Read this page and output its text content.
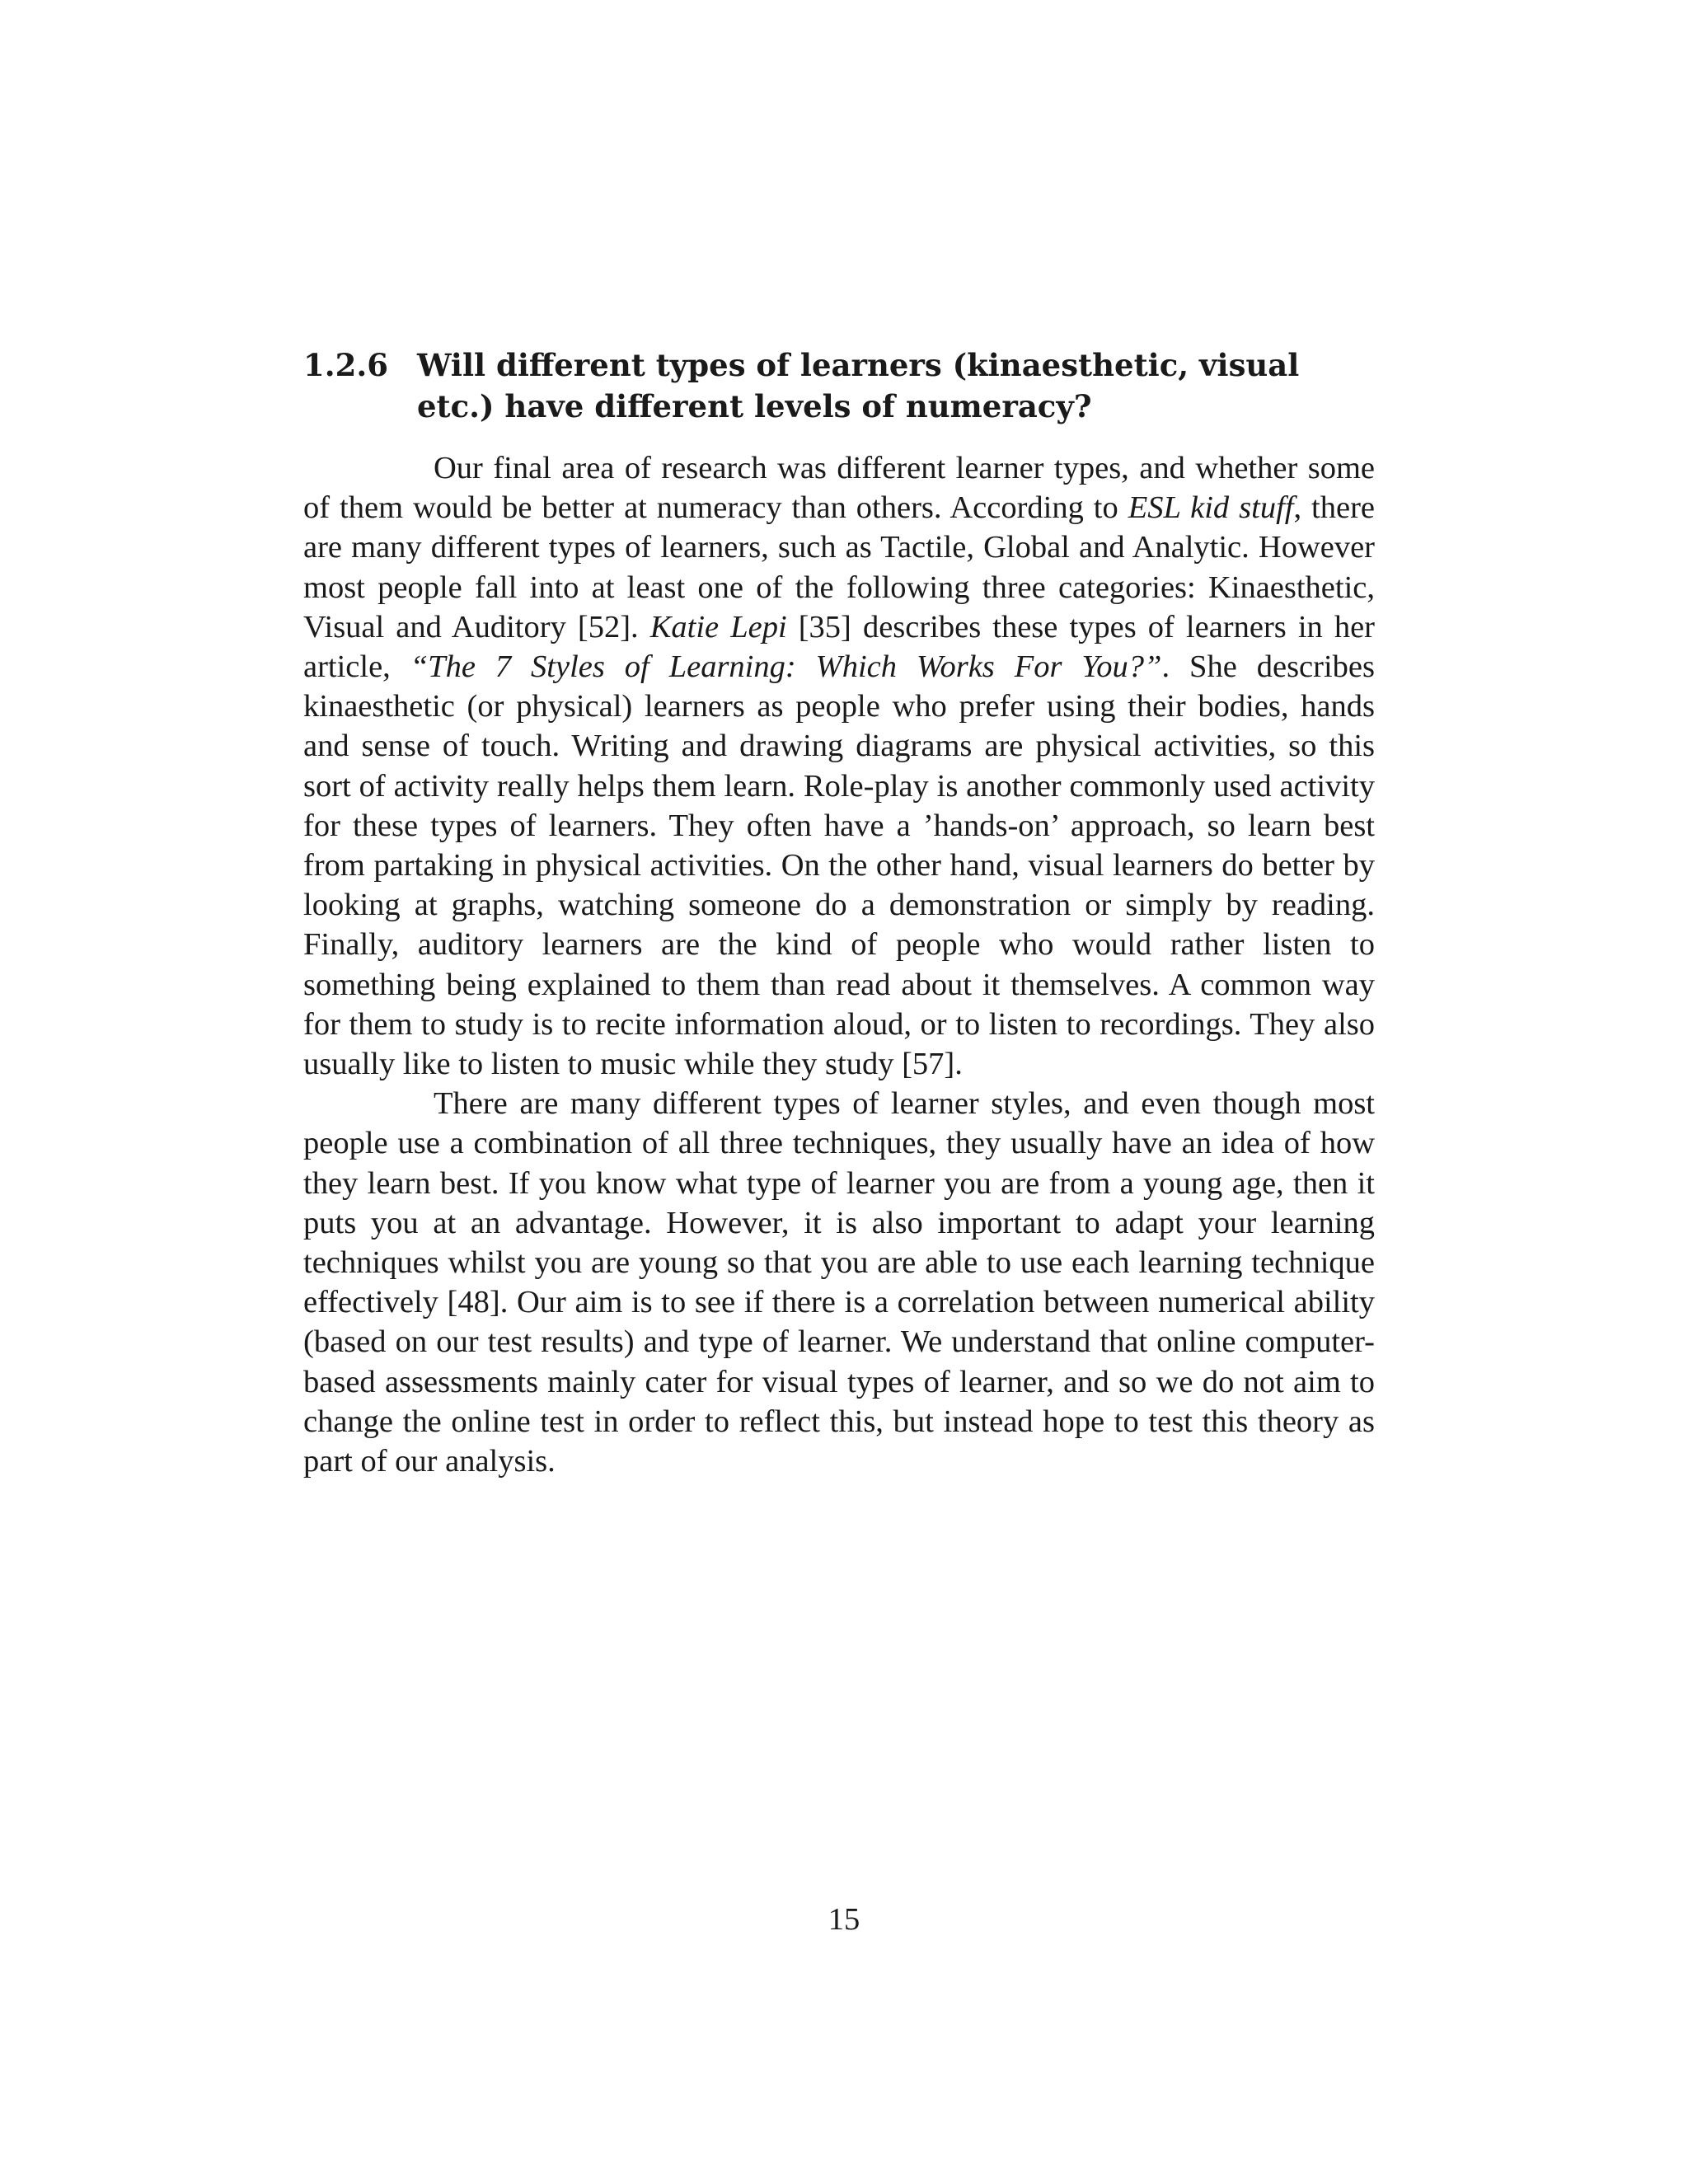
1.2.6 Will different types of learners (kinaesthetic, visual etc.) have different levels of numeracy?

Our final area of research was different learner types, and whether some of them would be better at numeracy than others. According to ESL kid stuff, there are many different types of learners, such as Tactile, Global and Analytic. However most people fall into at least one of the following three categories: Kinaesthetic, Visual and Auditory [52]. Katie Lepi [35] describes these types of learners in her article, “The 7 Styles of Learning: Which Works For You?”. She describes kinaesthetic (or physical) learners as people who prefer using their bodies, hands and sense of touch. Writing and drawing diagrams are physical activities, so this sort of activity really helps them learn. Role-play is another commonly used activity for these types of learners. They often have a ’hands-on’ approach, so learn best from partaking in physical activities. On the other hand, visual learners do better by looking at graphs, watching someone do a demonstration or simply by reading. Finally, auditory learners are the kind of people who would rather listen to something being explained to them than read about it themselves. A common way for them to study is to recite information aloud, or to listen to recordings. They also usually like to listen to music while they study [57].

There are many different types of learner styles, and even though most people use a combination of all three techniques, they usually have an idea of how they learn best. If you know what type of learner you are from a young age, then it puts you at an advantage. However, it is also important to adapt your learning techniques whilst you are young so that you are able to use each learning technique effectively [48]. Our aim is to see if there is a correlation between numerical ability (based on our test results) and type of learner. We understand that online computer-based assessments mainly cater for visual types of learner, and so we do not aim to change the online test in order to reflect this, but instead hope to test this theory as part of our analysis.

15
